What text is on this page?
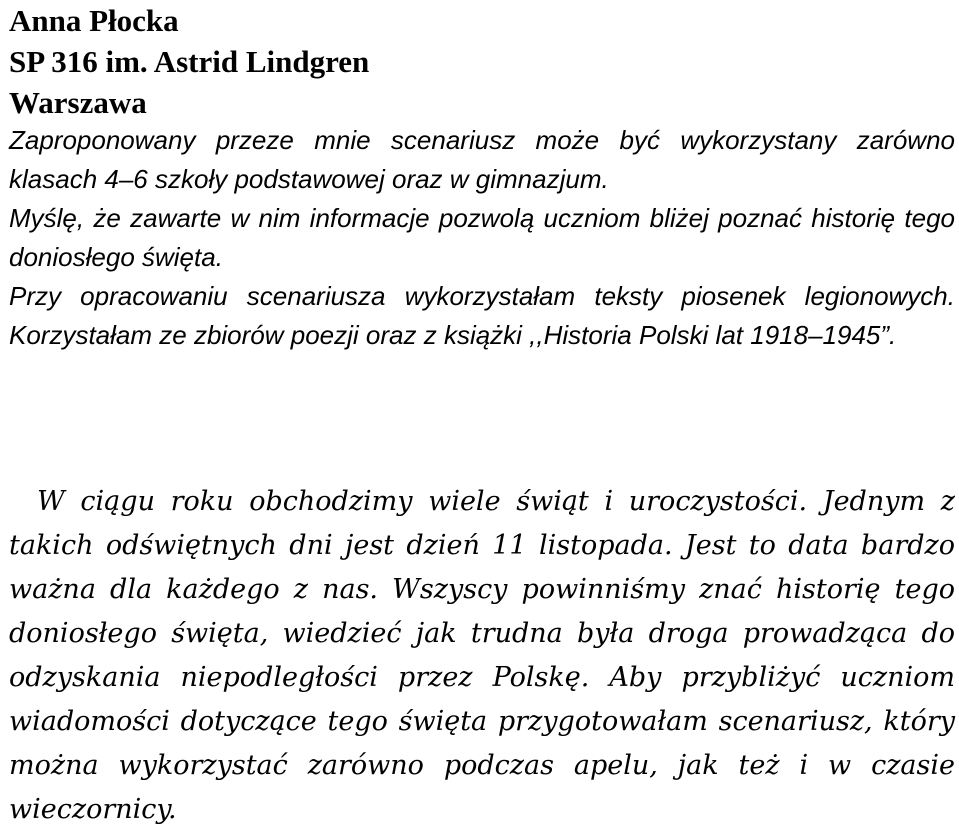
Anna Płocka
SP 316 im. Astrid Lindgren
Warszawa

Zaproponowany przeze mnie scenariusz może być wykorzystany zarówno klasach 4–6 szkoły podstawowej oraz w gimnazjum.

Myślę, że zawarte w nim informacje pozwolą uczniom bliżej poznać historię tego doniosłego święta.

Przy opracowaniu scenariusza wykorzystałam teksty piosenek legionowych. Korzystałam ze zbiorów poezji oraz z książki ,,Historia Polski lat 1918–1945”.

W ciągu roku obchodzimy wiele świąt i uroczystości. Jednym z takich odświętnych dni jest dzień 11 listopada. Jest to data bardzo ważna dla każdego z nas. Wszyscy powinniśmy znać historię tego doniosłego święta, wiedzieć jak trudna była droga prowadząca do odzyskania niepodległości przez Polskę. Aby przybliżyć uczniom wiadomości dotyczące tego święta przygotowałam scenariusz, który można wykorzystać zarówno podczas apelu, jak też i w czasie wieczornicy.
